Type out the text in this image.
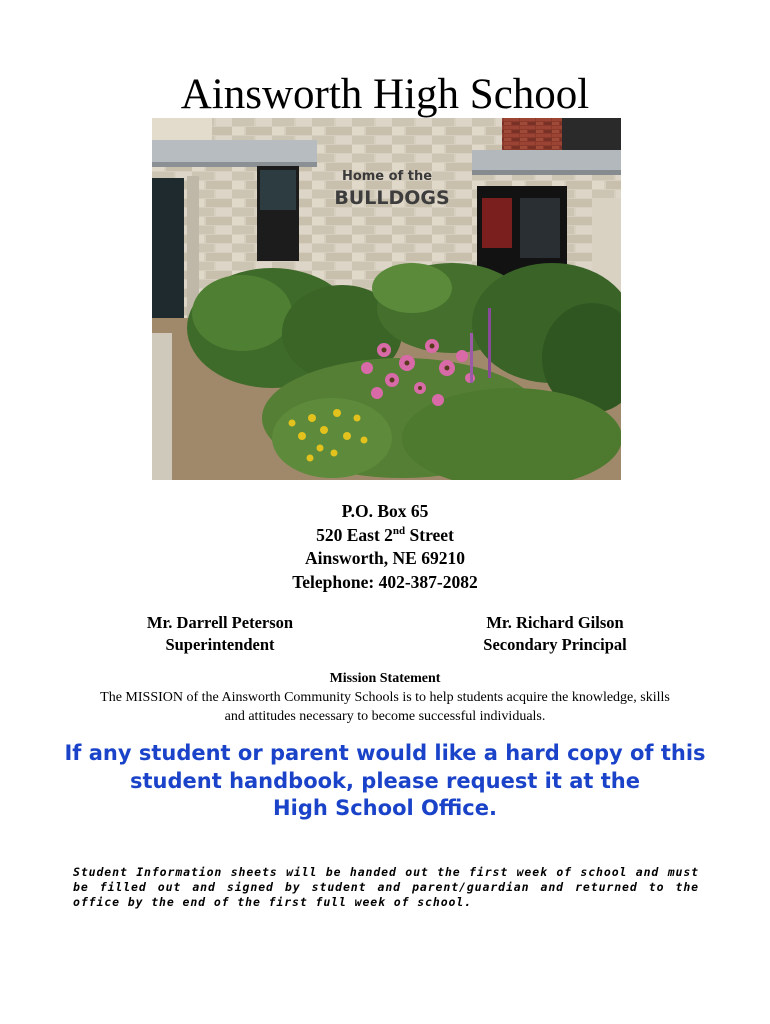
Ainsworth High School
Home of the
BULLDOGS
P.O. Box 65
520 East 2nd Street
Ainsworth, NE 69210
Telephone: 402-387-2082
Mr. Darrell Peterson
Superintendent
Mr. Richard Gilson
Secondary Principal
Mission Statement
The MISSION of the Ainsworth Community Schools is to help students acquire the knowledge, skills and attitudes necessary to become successful individuals.
If any student or parent would like a hard copy of this
student handbook, please request it at the
High School Office.
Student Information sheets will be handed out the first week of school and must be filled out and signed by student and parent/guardian and returned to the office by the end of the first full week of school.
